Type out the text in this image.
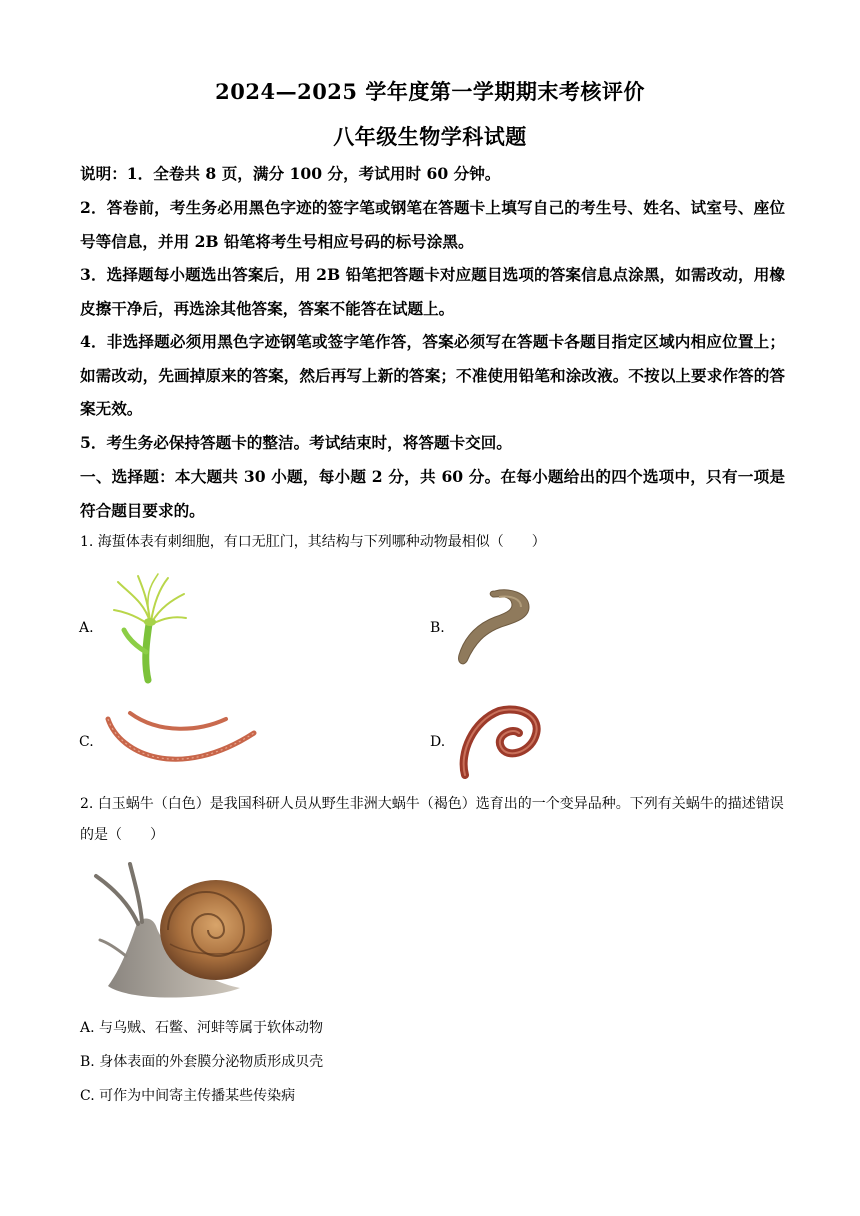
2024—2025 学年度第一学期期末考核评价
八年级生物学科试题
说明：1．全卷共 8 页，满分 100 分，考试用时 60 分钟。
2．答卷前，考生务必用黑色字迹的签字笔或钢笔在答题卡上填写自己的考生号、姓名、试室号、座位号等信息，并用 2B 铅笔将考生号相应号码的标号涂黑。
3．选择题每小题选出答案后，用 2B 铅笔把答题卡对应题目选项的答案信息点涂黑，如需改动，用橡皮擦干净后，再选涂其他答案，答案不能答在试题上。
4．非选择题必须用黑色字迹钢笔或签字笔作答，答案必须写在答题卡各题目指定区域内相应位置上；如需改动，先画掉原来的答案，然后再写上新的答案；不准使用铅笔和涂改液。不按以上要求作答的答案无效。
5．考生务必保持答题卡的整洁。考试结束时，将答题卡交回。
一、选择题：本大题共 30 小题，每小题 2 分，共 60 分。在每小题给出的四个选项中，只有一项是符合题目要求的。
1. 海蜇体表有刺细胞，有口无肛门，其结构与下列哪种动物最相似（　　）
A.	B.
C.	D.
2. 白玉蜗牛（白色）是我国科研人员从野生非洲大蜗牛（褐色）选育出的一个变异品种。下列有关蜗牛的描述错误的是（　　）
A. 与乌贼、石鳖、河蚌等属于软体动物
B. 身体表面的外套膜分泌物质形成贝壳
C. 可作为中间寄主传播某些传染病
